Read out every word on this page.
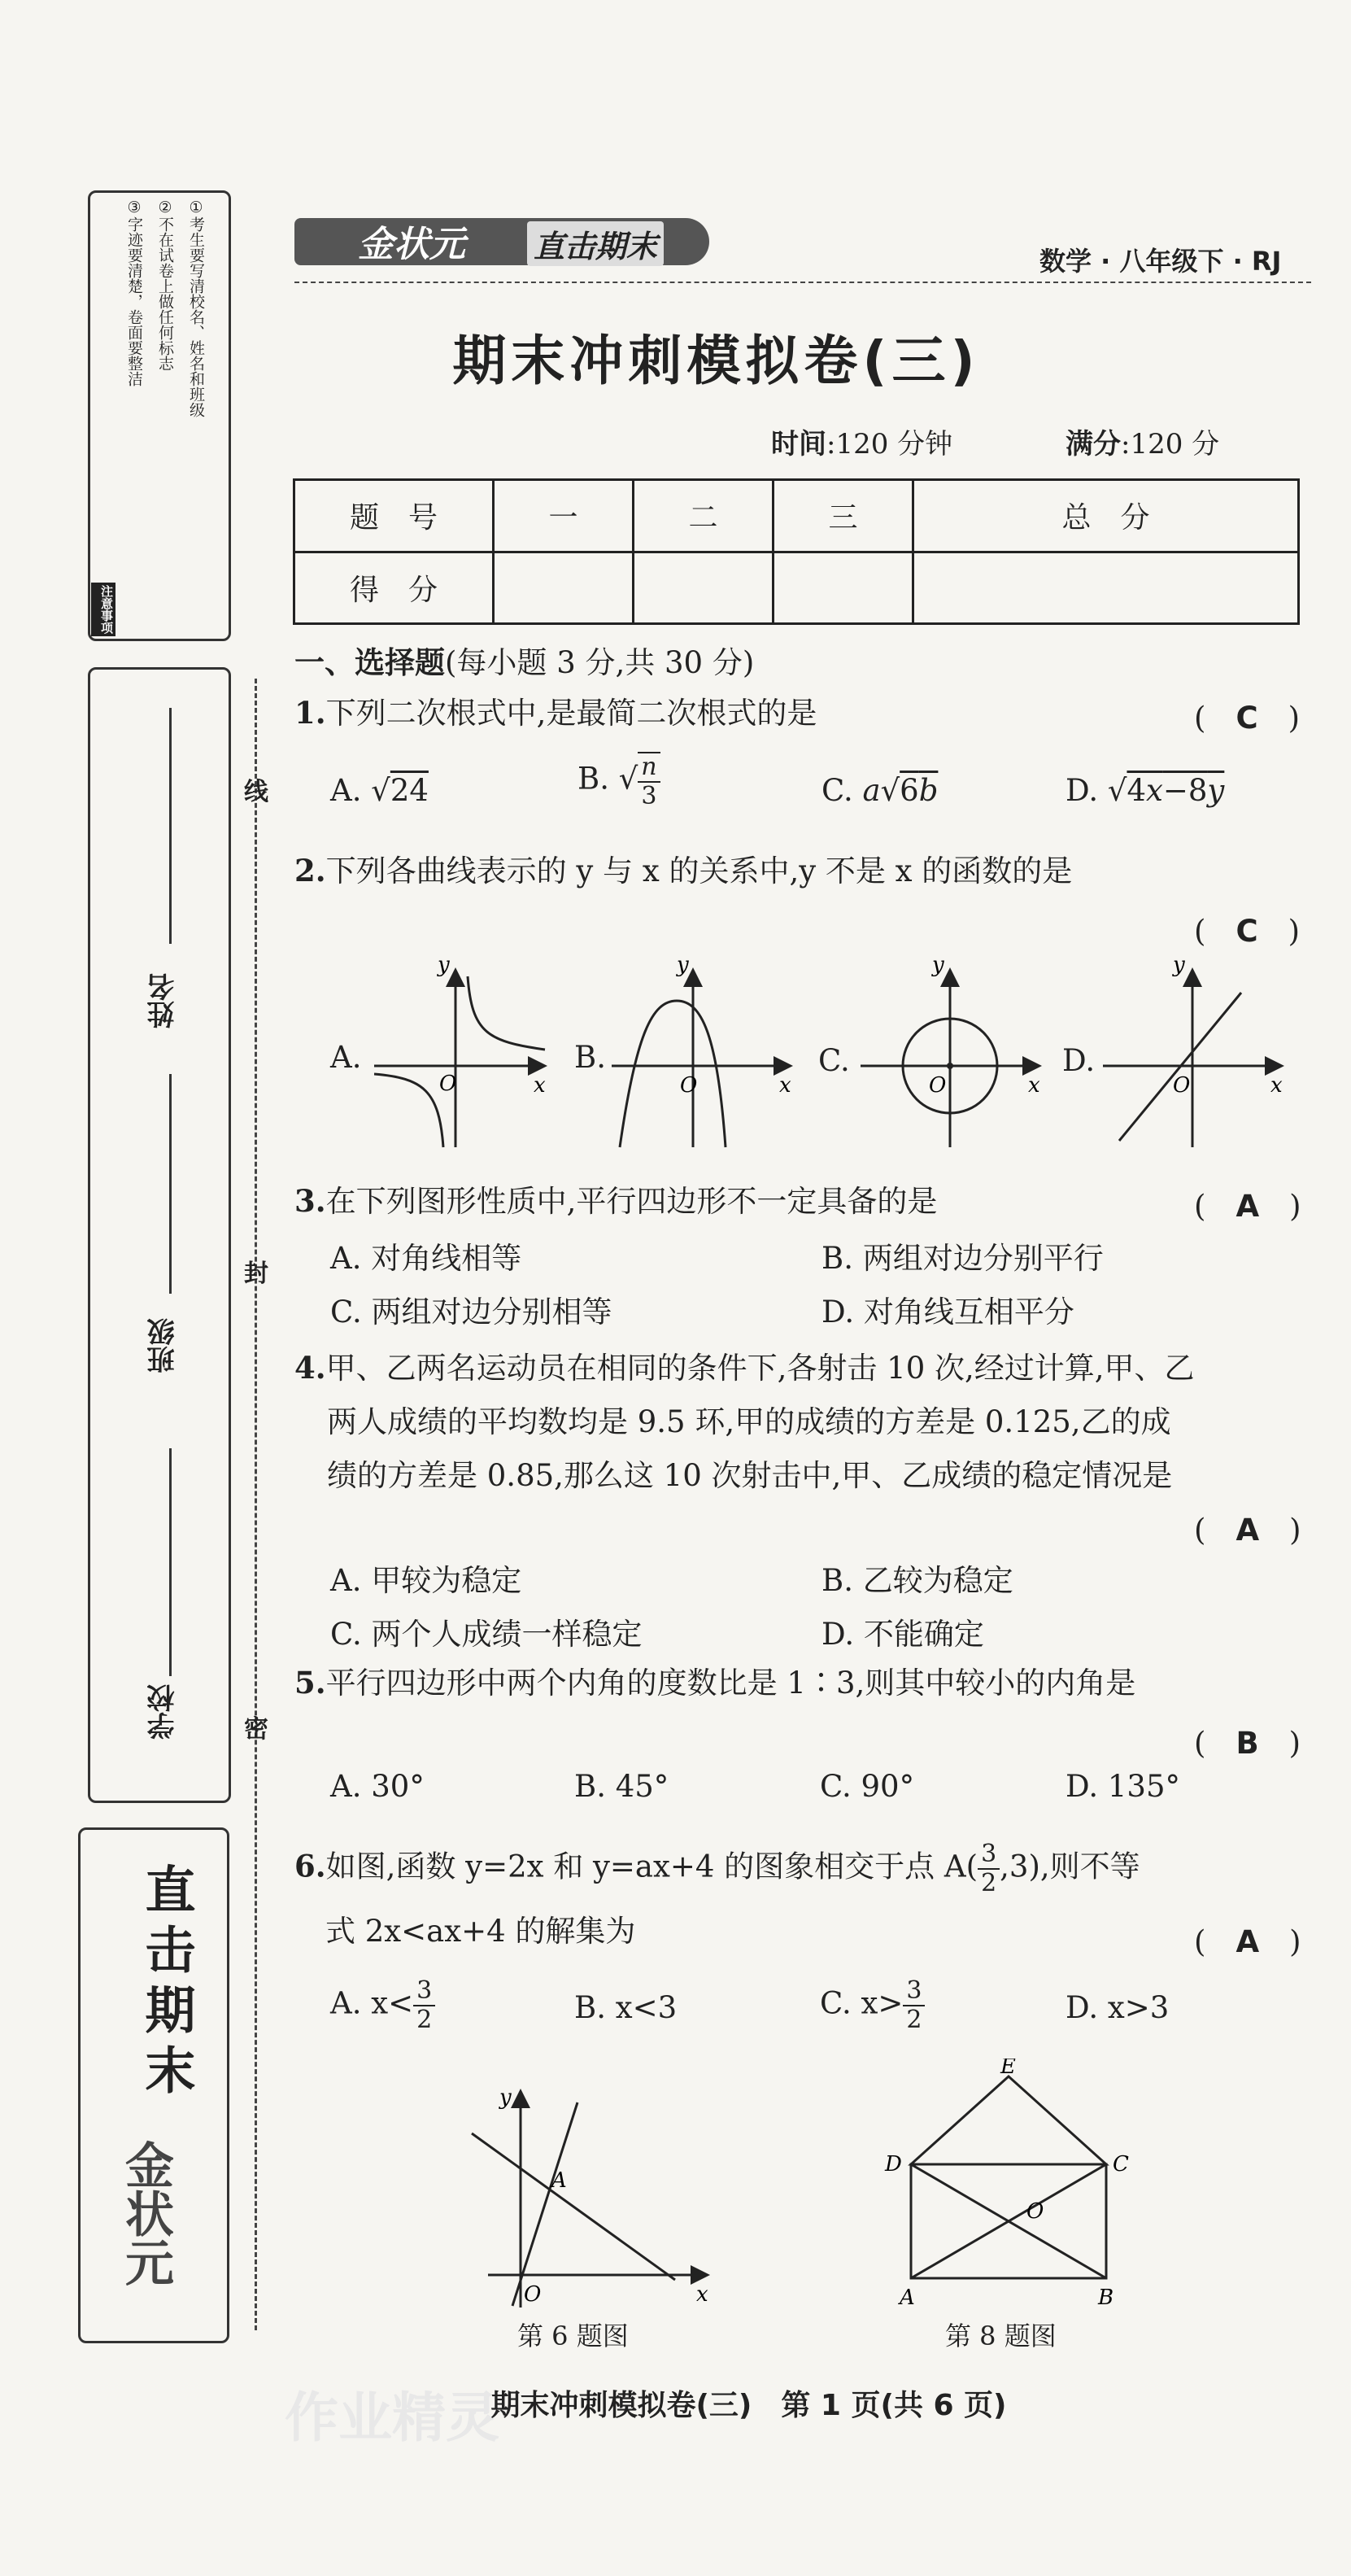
①考生要写清校名、姓名和班级
②不在试卷上做任何标志
③字迹要清楚，卷面要整洁
注意事项
姓名
班级
学校
直击期末
金状元
线
封
密
金状元 直击期末	数学 · 八年级下 · RJ
期末冲刺模拟卷(三)
时间:120 分钟	满分:120 分
题　号	一	二	三	总　分
得　分				
一、选择题(每小题 3 分,共 30 分)
1.下列二次根式中,是最简二次根式的是	(　C　)
A. √24	B. √ $\frac{n}{3}$	C. a√6b	D. √4x−8y
2.下列各曲线表示的 y 与 x 的关系中,y 不是 x 的函数的是
(　C　)
A.	B.	C.	D.
O	x
y
O	x
y
O	x
y
O	x
y
3.在下列图形性质中,平行四边形不一定具备的是	(　A　)
A. 对角线相等	B. 两组对边分别平行
C. 两组对边分别相等	D. 对角线互相平分
4.甲、乙两名运动员在相同的条件下,各射击 10 次,经过计算,甲、乙
两人成绩的平均数均是 9.5 环,甲的成绩的方差是 0.125,乙的成
绩的方差是 0.85,那么这 10 次射击中,甲、乙成绩的稳定情况是
(　A　)
A. 甲较为稳定	B. 乙较为稳定
C. 两个人成绩一样稳定	D. 不能确定
5.平行四边形中两个内角的度数比是 1∶3,则其中较小的内角是
(　B　)
A. 30°	B. 45°	C. 90°	D. 135°
6.如图,函数 y=2x 和 y=ax+4 的图象相交于点 $A( \frac{3}{2} ,3)$,则不等
式 2x<ax+4 的解集为	(　A　)
A. $x< \frac{3}{2}$	B. x<3	C. $x> \frac{3}{2}$	D. x>3
A
O	x
y
第 6 题图
E
D	C
A	B
O
第 8 题图
作业精灵
期末冲刺模拟卷(三)　第 1 页(共 6 页)
